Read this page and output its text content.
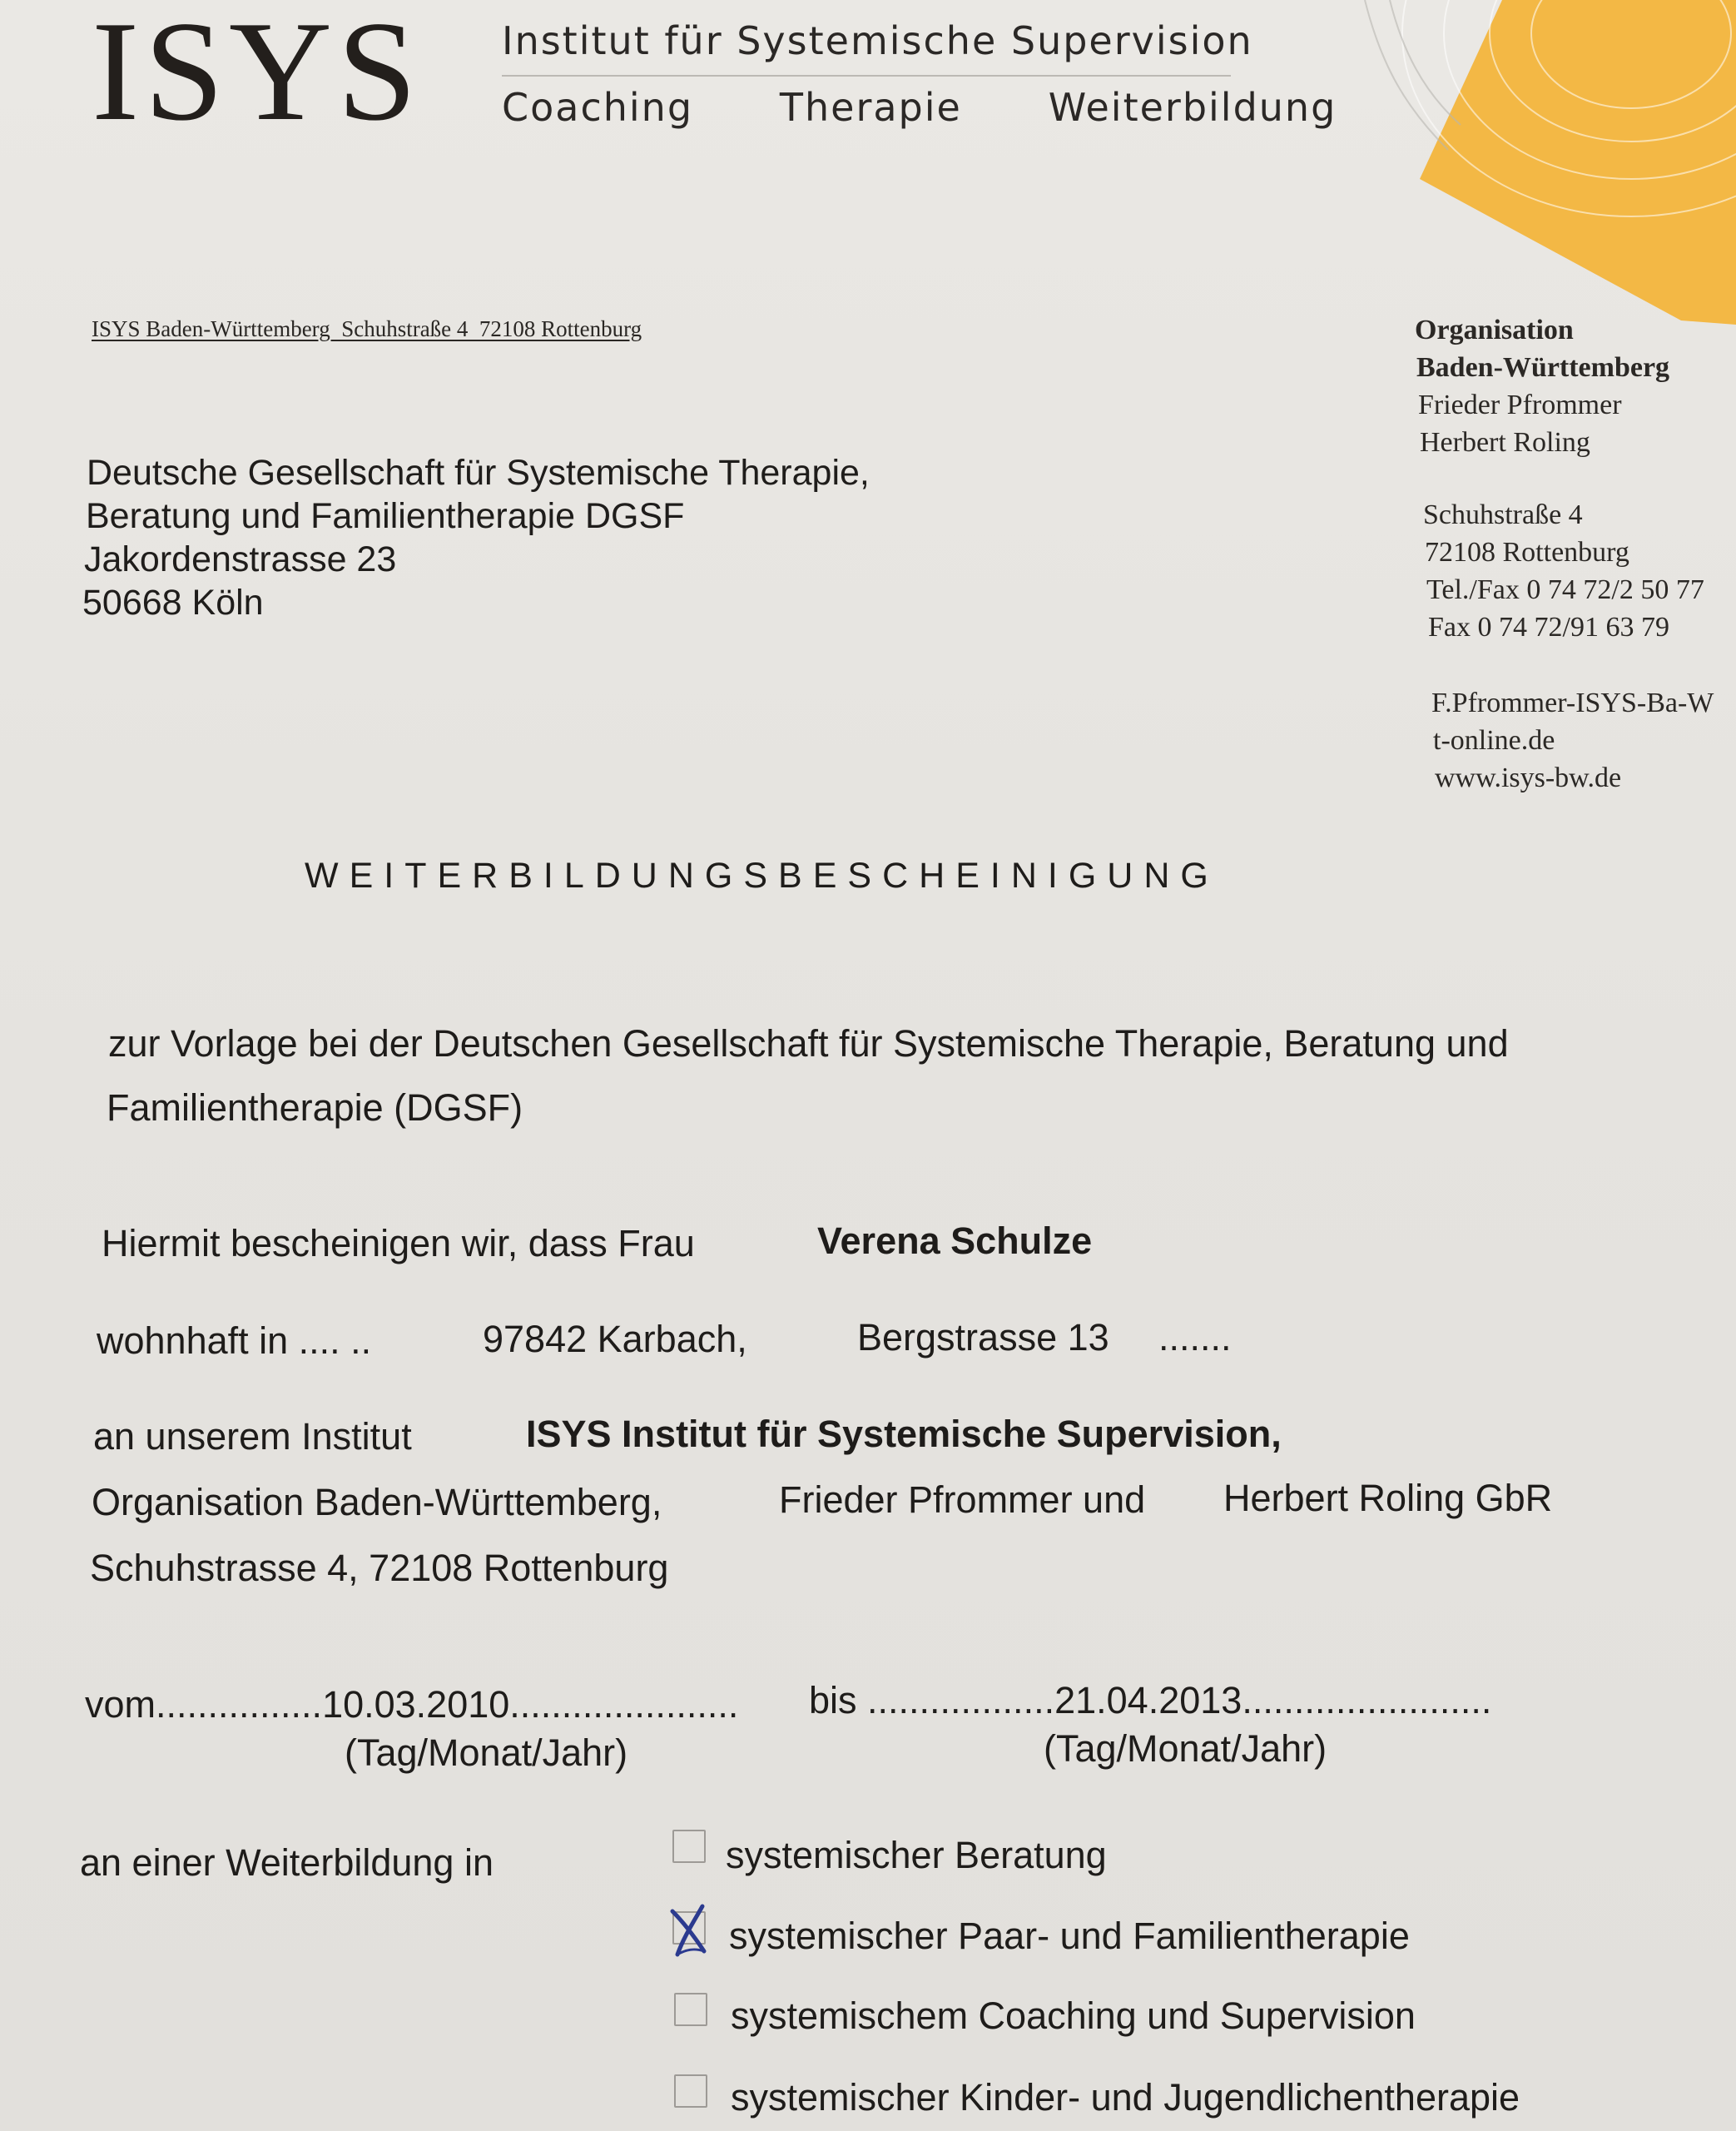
ISYS Institut für Systemische Supervision
Coaching   Therapie   Weiterbildung
ISYS Baden-Württemberg  Schuhstraße 4  72108 Rottenburg	Organisation
Baden-Württemberg
Frieder Pfrommer
Herbert Roling
Schuhstraße 4
72108 Rottenburg
Tel./Fax 0 74 72/2 50 77
Fax 0 74 72/91 63 79
F.Pfrommer-ISYS-Ba-W
t-online.de
www.isys-bw.de
Deutsche Gesellschaft für Systemische Therapie,
Beratung und Familientherapie DGSF
Jakordenstrasse 23
50668 Köln
WEITERBILDUNGSBESCHEINIGUNG
zur Vorlage bei der Deutschen Gesellschaft für Systemische Therapie, Beratung und
Familientherapie (DGSF)
Hiermit bescheinigen wir, dass Frau	Verena Schulze
wohnhaft in .... ..	97842 Karbach,	Bergstrasse 13 .......
an unserem Institut	ISYS Institut für Systemische Supervision,
Organisation Baden-Württemberg,	Frieder Pfrommer und Herbert Roling GbR
Schuhstrasse 4, 72108 Rottenburg
vom................10.03.2010...................... bis ..................21.04.2013........................
(Tag/Monat/Jahr)	(Tag/Monat/Jahr)
an einer Weiterbildung in	systemischer Beratung
systemischer Paar- und Familientherapie
systemischem Coaching und Supervision
systemischer Kinder- und Jugendlichentherapie
